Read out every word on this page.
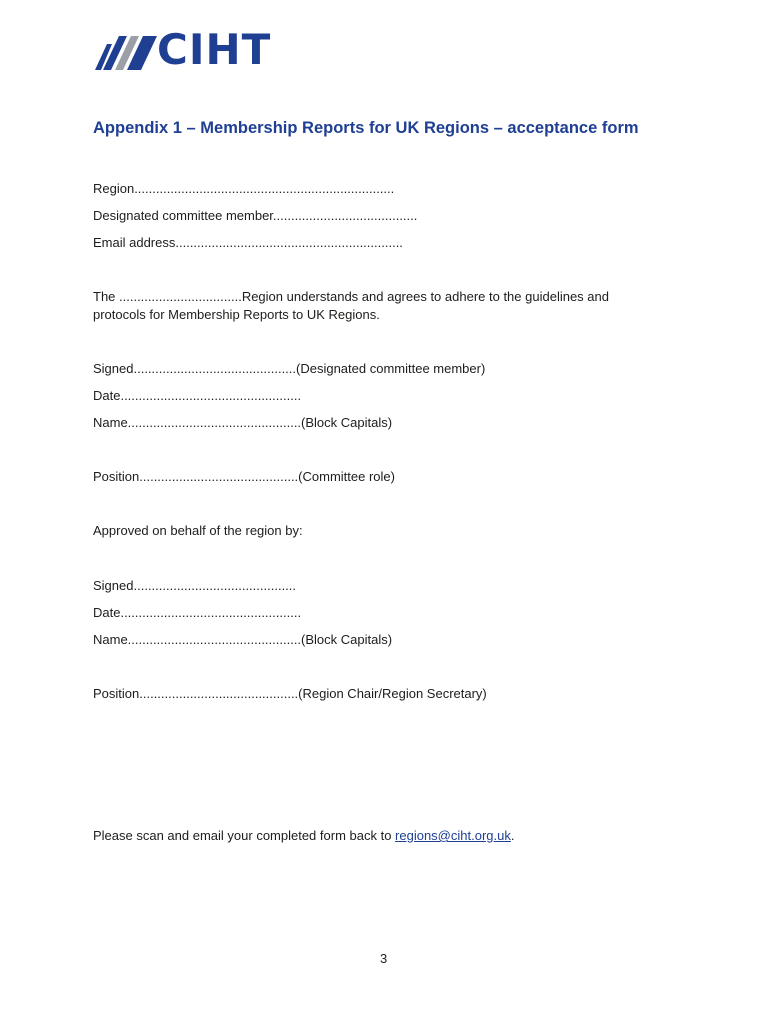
CIHT
Appendix 1 – Membership Reports for UK Regions – acceptance form
Region........................................................................
Designated committee member........................................
Email address...............................................................
The ..................................Region understands and agrees to adhere to the guidelines and
protocols for Membership Reports to UK Regions.
Signed.............................................(Designated committee member)
Date..................................................
Name................................................(Block Capitals)
Position............................................(Committee role)
Approved on behalf of the region by:
Signed.............................................
Date..................................................
Name................................................(Block Capitals)
Position............................................(Region Chair/Region Secretary)
Please scan and email your completed form back to regions@ciht.org.uk.
3
